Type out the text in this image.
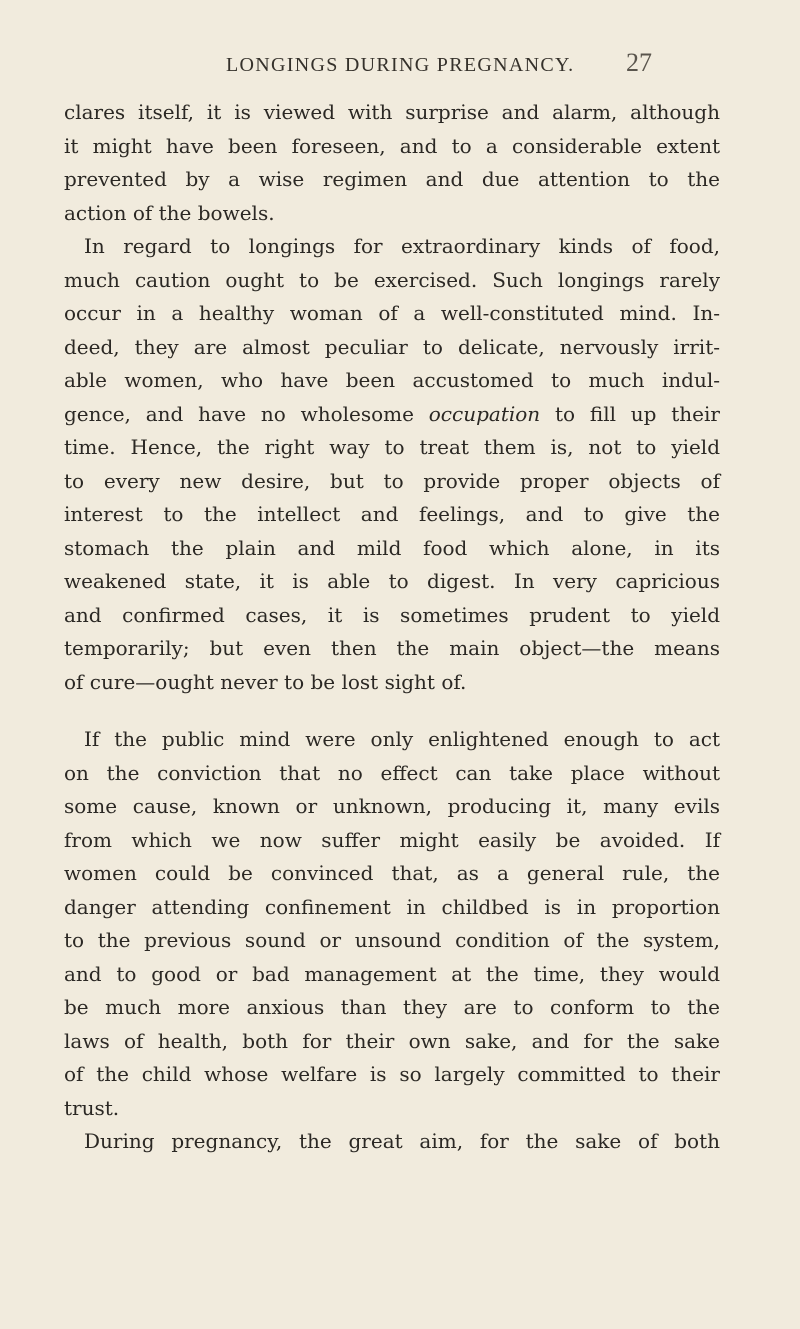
LONGINGS DURING PREGNANCY. 27
clares itself, it is viewed with surprise and alarm, although
it might have been foreseen, and to a considerable extent
prevented by a wise regimen and due attention to the
action of the bowels.
In regard to longings for extraordinary kinds of food,
much caution ought to be exercised. Such longings rarely
occur in a healthy woman of a well-constituted mind. In-
deed, they are almost peculiar to delicate, nervously irrit-
able women, who have been accustomed to much indul-
gence, and have no wholesome occupation to fill up their
time. Hence, the right way to treat them is, not to yield
to every new desire, but to provide proper objects of
interest to the intellect and feelings, and to give the
stomach the plain and mild food which alone, in its
weakened state, it is able to digest. In very capricious
and confirmed cases, it is sometimes prudent to yield
temporarily; but even then the main object—the means
of cure—ought never to be lost sight of.
If the public mind were only enlightened enough to act
on the conviction that no effect can take place without
some cause, known or unknown, producing it, many evils
from which we now suffer might easily be avoided. If
women could be convinced that, as a general rule, the
danger attending confinement in childbed is in proportion
to the previous sound or unsound condition of the system,
and to good or bad management at the time, they would
be much more anxious than they are to conform to the
laws of health, both for their own sake, and for the sake
of the child whose welfare is so largely committed to their
trust.
During pregnancy, the great aim, for the sake of both
